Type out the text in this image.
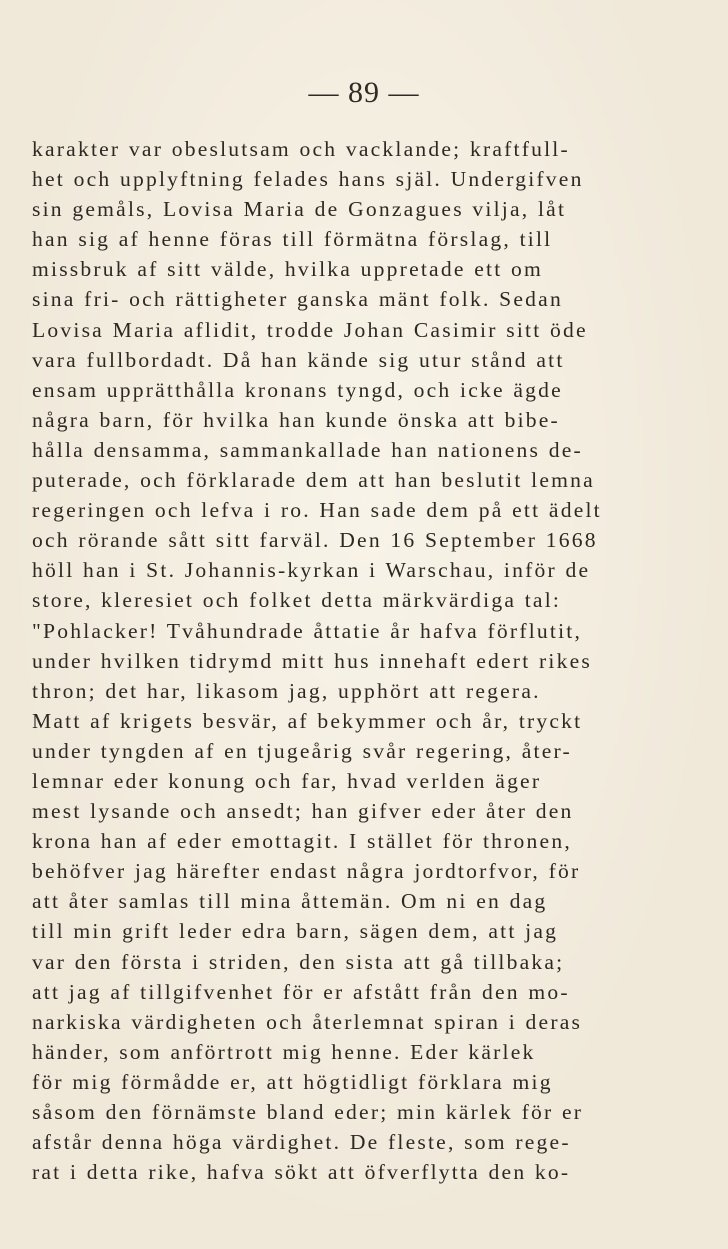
— 89 —
karakter var obeslutsam och vacklande; kraftfull-
het och upplyftning felades hans själ. Undergifven
sin gemåls, Lovisa Maria de Gonzagues vilja, låt
han sig af henne föras till förmätna förslag, till
missbruk af sitt välde, hvilka uppretade ett om
sina fri- och rättigheter ganska mänt folk. Sedan
Lovisa Maria aflidit, trodde Johan Casimir sitt öde
vara fullbordadt. Då han kände sig utur stånd att
ensam upprätthålla kronans tyngd, och icke ägde
några barn, för hvilka han kunde önska att bibe-
hålla densamma, sammankallade han nationens de-
puterade, och förklarade dem att han beslutit lemna
regeringen och lefva i ro. Han sade dem på ett ädelt
och rörande sått sitt farväl. Den 16 September 1668
höll han i St. Johannis-kyrkan i Warschau, inför de
store, kleresiet och folket detta märkvärdiga tal:
"Pohlacker! Tvåhundrade åttatie år hafva förflutit,
under hvilken tidrymd mitt hus innehaft edert rikes
thron; det har, likasom jag, upphört att regera.
Matt af krigets besvär, af bekymmer och år, tryckt
under tyngden af en tjugeårig svår regering, åter-
lemnar eder konung och far, hvad verlden äger
mest lysande och ansedt; han gifver eder åter den
krona han af eder emottagit. I stället för thronen,
behöfver jag härefter endast några jordtorfvor, för
att åter samlas till mina åttemän. Om ni en dag
till min grift leder edra barn, sägen dem, att jag
var den första i striden, den sista att gå tillbaka;
att jag af tillgifvenhet för er afstått från den mo-
narkiska värdigheten och återlemnat spiran i deras
händer, som anförtrott mig henne. Eder kärlek
för mig förmådde er, att högtidligt förklara mig
såsom den förnämste bland eder; min kärlek för er
afstår denna höga värdighet. De fleste, som rege-
rat i detta rike, hafva sökt att öfverflytta den ko-
